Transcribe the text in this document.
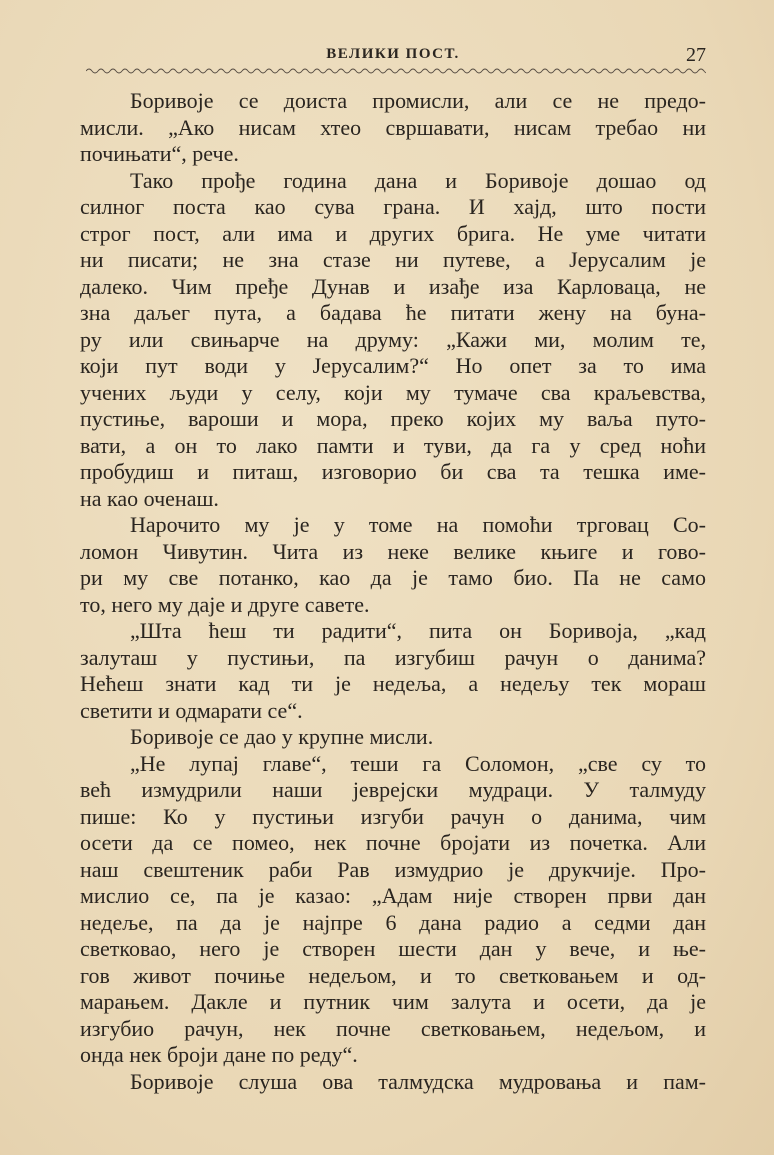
ВЕЛИКИ ПОСТ.	27
Боривоје се доиста промисли, али се не предо-
мисли. „Ако нисам хтео свршавати, нисам требао ни
почињати“, рече.
Тако прође година дана и Боривоје дошао од
силног поста као сува грана. И хајд, што пости
строг пост, али има и других брига. Не уме читати
ни писати; не зна стазе ни путеве, а Јерусалим је
далеко. Чим пређе Дунав и изађе иза Карловаца, не
зна даљег пута, а бадава ће питати жену на буна-
ру или свињарче на друму: „Кажи ми, молим те,
који пут води у Јерусалим?“ Но опет за то има
учених људи у селу, који му тумаче сва краљевства,
пустиње, вароши и мора, преко којих му ваља путо-
вати, а он то лако памти и туви, да га у сред ноћи
пробудиш и питаш, изговорио би сва та тешка име-
на као оченаш.
Нарочито му је у томе на помоћи трговац Со-
ломон Чивутин. Чита из неке велике књиге и гово-
ри му све потанко, као да је тамо био. Па не само
то, него му даје и друге савете.
„Шта ћеш ти радити“, пита он Боривоја, „кад
залуташ у пустињи, па изгубиш рачун о данима?
Нећеш знати кад ти је недеља, а недељу тек мораш
светити и одмарати се“.
Боривоје се дао у крупне мисли.
„Не лупај главе“, теши га Соломон, „све су то
већ измудрили наши јеврејски мудраци. У талмуду
пише: Ко у пустињи изгуби рачун о данима, чим
осети да се помео, нек почне бројати из почетка. Али
наш свештеник раби Рав измудрио је друкчије. Про-
мислио се, па је казао: „Адам није створен први дан
недеље, па да је најпре 6 дана радио а седми дан
светковао, него је створен шести дан у вече, и ње-
гов живот почиње недељом, и то светковањем и од-
марањем. Дакле и путник чим залута и осети, да је
изгубио рачун, нек почне светковањем, недељом, и
онда нек броји дане по реду“.
Боривоје слуша ова талмудска мудровања и пам-
